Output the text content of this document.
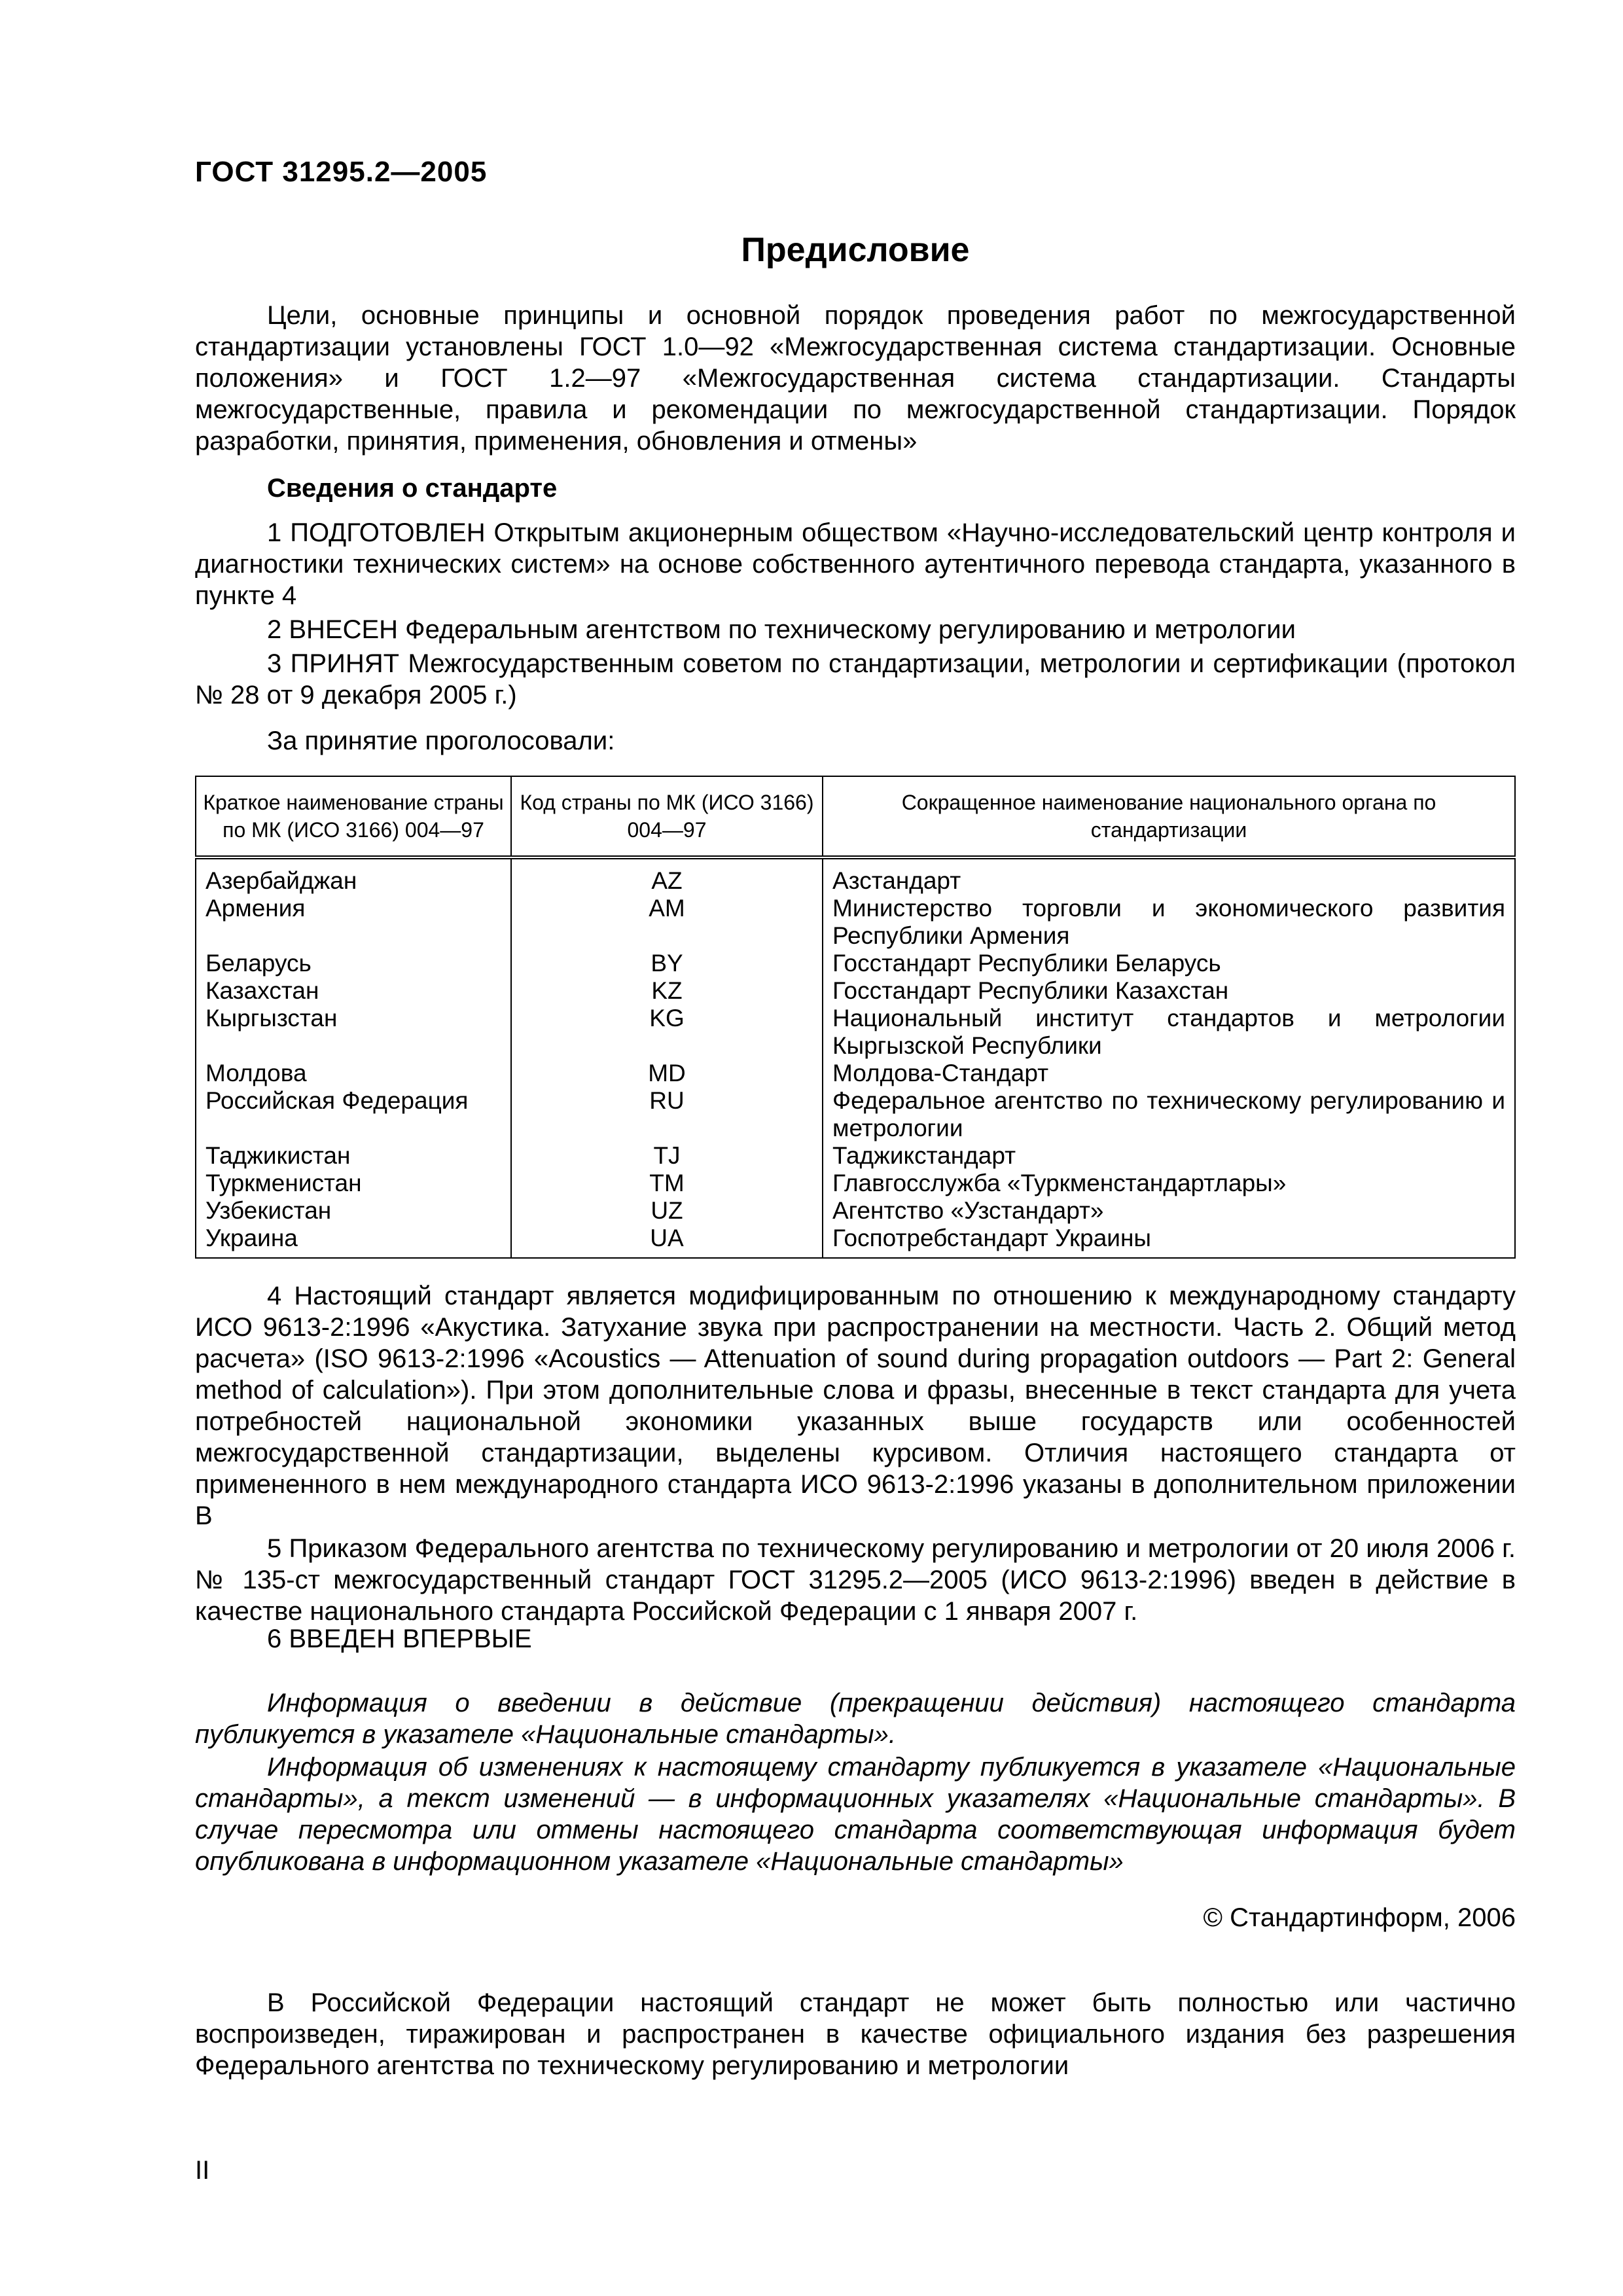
ГОСТ 31295.2—2005
Предисловие

Цели, основные принципы и основной порядок проведения работ по межгосударственной стандартизации установлены ГОСТ 1.0—92 «Межгосударственная система стандартизации. Основные положения» и ГОСТ 1.2—97 «Межгосударственная система стандартизации. Стандарты межгосударственные, правила и рекомендации по межгосударственной стандартизации. Порядок разработки, принятия, применения, обновления и отмены»

Сведения о стандарте

1 ПОДГОТОВЛЕН Открытым акционерным обществом «Научно-исследовательский центр контроля и диагностики технических систем» на основе собственного аутентичного перевода стандарта, указанного в пункте 4

2 ВНЕСЕН Федеральным агентством по техническому регулированию и метрологии

3 ПРИНЯТ Межгосударственным советом по стандартизации, метрологии и сертификации (протокол № 28 от 9 декабря 2005 г.)

За принятие проголосовали:

Краткое наименование страны по МК (ИСО 3166) 004—97	Код страны по МК (ИСО 3166) 004—97	Сокращенное наименование национального органа по стандартизации
Азербайджан	AZ	Азстандарт
Армения	AM	Министерство торговли и экономического развития Республики Армения
Беларусь	BY	Госстандарт Республики Беларусь
Казахстан	KZ	Госстандарт Республики Казахстан
Кыргызстан	KG	Национальный институт стандартов и метрологии Кыргызской Республики
Молдова	MD	Молдова-Стандарт
Российская Федерация	RU	Федеральное агентство по техническому регулированию и метрологии
Таджикистан	TJ	Таджикстандарт
Туркменистан	TM	Главгосслужба «Туркменстандартлары»
Узбекистан	UZ	Агентство «Узстандарт»
Украина	UA	Госпотребстандарт Украины

4 Настоящий стандарт является модифицированным по отношению к международному стандарту ИСО 9613-2:1996 «Акустика. Затухание звука при распространении на местности. Часть 2. Общий метод расчета» (ISO 9613-2:1996 «Acoustics — Attenuation of sound during propagation outdoors — Part 2: General method of calculation»). При этом дополнительные слова и фразы, внесенные в текст стандарта для учета потребностей национальной экономики указанных выше государств или особенностей межгосударственной стандартизации, выделены курсивом. Отличия настоящего стандарта от примененного в нем международного стандарта ИСО 9613-2:1996 указаны в дополнительном приложении В

5 Приказом Федерального агентства по техническому регулированию и метрологии от 20 июля 2006 г. № 135-ст межгосударственный стандарт ГОСТ 31295.2—2005 (ИСО 9613-2:1996) введен в действие в качестве национального стандарта Российской Федерации с 1 января 2007 г.

6 ВВЕДЕН ВПЕРВЫЕ

Информация о введении в действие (прекращении действия) настоящего стандарта публикуется в указателе «Национальные стандарты».

Информация об изменениях к настоящему стандарту публикуется в указателе «Национальные стандарты», а текст изменений — в информационных указателях «Национальные стандарты». В случае пересмотра или отмены настоящего стандарта соответствующая информация будет опубликована в информационном указателе «Национальные стандарты»

© Стандартинформ, 2006

В Российской Федерации настоящий стандарт не может быть полностью или частично воспроизведен, тиражирован и распространен в качестве официального издания без разрешения Федерального агентства по техническому регулированию и метрологии

II
